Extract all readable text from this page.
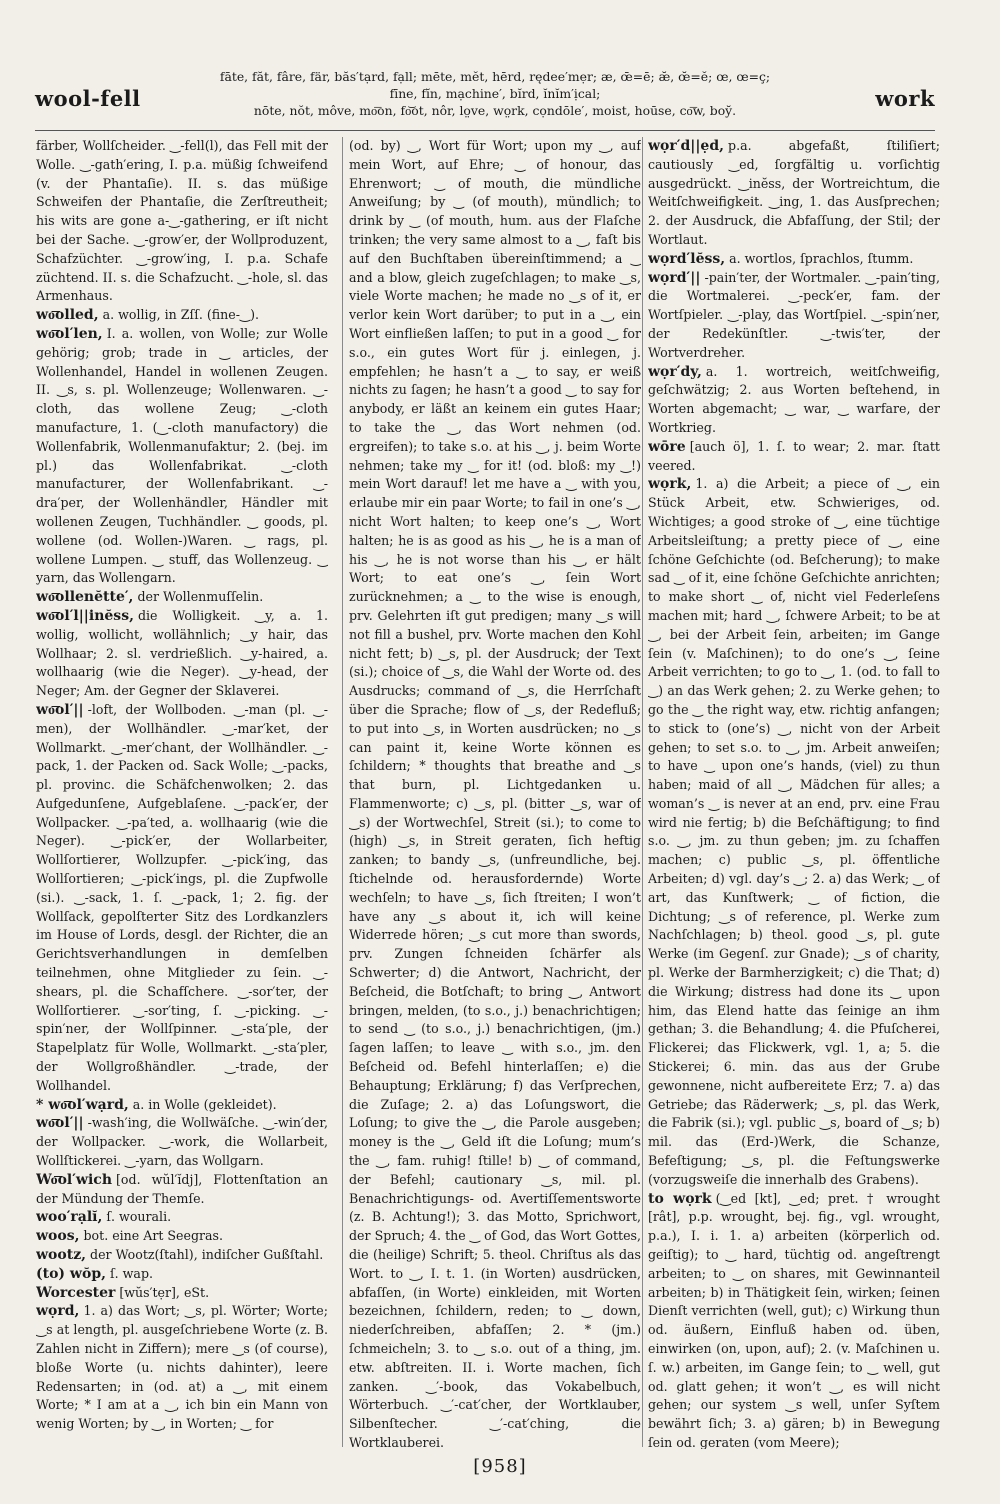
wool-fell
fāte, făt, fâre, fär, băs′tạrd, fạll; mēte, mĕt, hērd, rędee′mẹr; æ, œ̄=ē; æ̆, œ̆=ĕ; œ, œ=ç;
fīne, fĭn, mạchine′, bĭrd, ĭnĭm′ịcal;
nōte, nŏt, môve, mo͞on, fo͝ot, nôr, lo̤ve, wo̤rk, cọndōle′, moist, hoūse, co͞w, boy̆.	work

färber, Wollſcheider. ‿-fell(l), das Fell mit der Wolle. ‿-gath′ering, I. p.a. müßig ſchweifend (v. der Phantaſie). II. s. das müßige Schweifen der Phantaſie, die Zerſtreutheit; his wits are gone a-‿-gathering, er iſt nicht bei der Sache. ‿-grow′er, der Wollproduzent, Schafzüchter. ‿-grow′ing, I. p.a. Schafe züchtend. II. s. die Schafzucht. ‿-hole, sl. das Armenhaus.

wo͞olled, a. wollig, in Zſſ. (fine-‿).

wo͞ol′len, I. a. wollen, von Wolle; zur Wolle gehörig; grob; trade in ‿ articles, der Wollenhandel, Handel in wollenen Zeugen. II. ‿s, s. pl. Wollenzeuge; Wollenwaren. ‿-cloth, das wollene Zeug; ‿-cloth manufacture, 1. (‿-cloth manufactory) die Wollenfabrik, Wollenmanufaktur; 2. (bej. im pl.) das Wollenfabrikat. ‿-cloth manufacturer, der Wollenfabrikant. ‿-dra′per, der Wollenhändler, Händler mit wollenen Zeugen, Tuchhändler. ‿ goods, pl. wollene (od. Wollen-)Waren. ‿ rags, pl. wollene Lumpen. ‿ stuff, das Wollenzeug. ‿ yarn, das Wollengarn.

wo͞ollenĕtte′, der Wollenmuſſelin.

wo͞ol′l||inĕss, die Wolligkeit. ‿y, a. 1. wollig, wollicht, wollähnlich; ‿y hair, das Wollhaar; 2. sl. verdrießlich. ‿y-haired, a. wollhaarig (wie die Neger). ‿y-head, der Neger; Am. der Gegner der Sklaverei.

wo͞ol′|| -loft, der Wollboden. ‿-man (pl. ‿-men), der Wollhändler. ‿-mar′ket, der Wollmarkt. ‿-mer′chant, der Wollhändler. ‿-pack, 1. der Packen od. Sack Wolle; ‿-packs, pl. provinc. die Schäfchenwolken; 2. das Aufgedunſene, Aufgeblaſene. ‿-pack′er, der Wollpacker. ‿-pa′ted, a. wollhaarig (wie die Neger). ‿-pick′er, der Wollarbeiter, Wollſortierer, Wollzupfer. ‿-pick′ing, das Wollſortieren; ‿-pick′ings, pl. die Zupfwolle (si.). ‿-sack, 1. ſ. ‿-pack, 1; 2. fig. der Wollſack, gepolſterter Sitz des Lordkanzlers im House of Lords, desgl. der Richter, die an Gerichtsverhandlungen in demſelben teilnehmen, ohne Mitglieder zu ſein. ‿-shears, pl. die Schafſchere. ‿-sor′ter, der Wollſortierer. ‿-sor′ting, ſ. ‿-picking. ‿-spin′ner, der Wollſpinner. ‿-sta′ple, der Stapelplatz für Wolle, Wollmarkt. ‿-sta′pler, der Wollgroßhändler. ‿-trade, der Wollhandel.

* wo͞ol′wạrd, a. in Wolle (gekleidet).

wo͞ol′|| -wash′ing, die Wollwäſche. ‿-win′der, der Wollpacker. ‿-work, die Wollarbeit, Wollſtickerei. ‿-yarn, das Wollgarn.

Wo͞ol′wich [od. wŭl′ĭdj], Flottenſtation an der Mündung der Themſe.

woo′rạlĭ, ſ. wourali.

woos, bot. eine Art Seegras.

wootz, der Wootz(ſtahl), indiſcher Gußſtahl.

(to) wŏp, ſ. wap.

Worcester [wŭs′tẹr], eSt.

wọrd, 1. a) das Wort; ‿s, pl. Wörter; Worte; ‿s at length, pl. ausgeſchriebene Worte (z. B. Zahlen nicht in Ziffern); mere ‿s (of course), bloße Worte (u. nichts dahinter), leere Redensarten; in (od. at) a ‿, mit einem Worte; * I am at a ‿, ich bin ein Mann von wenig Worten; by ‿, in Worten; ‿ for

(od. by) ‿, Wort für Wort; upon my ‿, auf mein Wort, auf Ehre; ‿ of honour, das Ehrenwort; ‿ of mouth, die mündliche Anweiſung; by ‿ (of mouth), mündlich; to drink by ‿ (of mouth, hum. aus der Flaſche trinken; the very same almost to a ‿, faſt bis auf den Buchſtaben übereinſtimmend; a ‿ and a blow, gleich zugeſchlagen; to make ‿s, viele Worte machen; he made no ‿s of it, er verlor kein Wort darüber; to put in a ‿, ein Wort einfließen laſſen; to put in a good ‿ for s.o., ein gutes Wort für j. einlegen, j. empfehlen; he hasn’t a ‿ to say, er weiß nichts zu ſagen; he hasn’t a good ‿ to say for anybody, er läßt an keinem ein gutes Haar; to take the ‿, das Wort nehmen (od. ergreifen); to take s.o. at his ‿, j. beim Worte nehmen; take my ‿ for it! (od. bloß: my ‿!) mein Wort darauf! let me have a ‿ with you, erlaube mir ein paar Worte; to fail in one’s ‿, nicht Wort halten; to keep one’s ‿, Wort halten; he is as good as his ‿, he is a man of his ‿, he is not worse than his ‿, er hält Wort; to eat one’s ‿, ſein Wort zurücknehmen; a ‿ to the wise is enough, prv. Gelehrten iſt gut predigen; many ‿s will not fill a bushel, prv. Worte machen den Kohl nicht fett; b) ‿s, pl. der Ausdruck; der Text (si.); choice of ‿s, die Wahl der Worte od. des Ausdrucks; command of ‿s, die Herrſchaft über die Sprache; flow of ‿s, der Redefluß; to put into ‿s, in Worten ausdrücken; no ‿s can paint it, keine Worte können es ſchildern; * thoughts that breathe and ‿s that burn, pl. Lichtgedanken u. Flammenworte; c) ‿s, pl. (bitter ‿s, war of ‿s) der Wortwechſel, Streit (si.); to come to (high) ‿s, in Streit geraten, ſich heftig zanken; to bandy ‿s, (unfreundliche, bej. ſtichelnde od. herausfordernde) Worte wechſeln; to have ‿s, ſich ſtreiten; I won’t have any ‿s about it, ich will keine Widerrede hören; ‿s cut more than swords, prv. Zungen ſchneiden ſchärfer als Schwerter; d) die Antwort, Nachricht, der Beſcheid, die Botſchaft; to bring ‿, Antwort bringen, melden, (to s.o., j.) benachrichtigen; to send ‿ (to s.o., j.) benachrichtigen, (jm.) ſagen laſſen; to leave ‿ with s.o., jm. den Beſcheid od. Befehl hinterlaſſen; e) die Behauptung; Erklärung; f) das Verſprechen, die Zuſage; 2. a) das Loſungswort, die Loſung; to give the ‿, die Parole ausgeben; money is the ‿, Geld iſt die Loſung; mum’s the ‿, fam. ruhig! ſtille! b) ‿ of command, der Befehl; cautionary ‿s, mil. pl. Benachrichtigungs- od. Avertiſſementsworte (z. B. Achtung!); 3. das Motto, Sprichwort, der Spruch; 4. the ‿ of God, das Wort Gottes, die (heilige) Schrift; 5. theol. Chriſtus als das Wort. to ‿, I. t. 1. (in Worten) ausdrücken, abfaſſen, (in Worte) einkleiden, mit Worten bezeichnen, ſchildern, reden; to ‿ down, niederſchreiben, abfaſſen; 2. * (jm.) ſchmeicheln; 3. to ‿ s.o. out of a thing, jm. etw. abſtreiten. II. i. Worte machen, ſich zanken. ‿′-book, das Vokabelbuch, Wörterbuch. ‿′-cat′cher, der Wortklauber, Silbenſtecher. ‿′-cat′ching, die Wortklauberei.

wọr′d||ẹd, p.a. abgefaßt, ſtiliſiert; cautiously ‿ed, ſorgfältig u. vorſichtig ausgedrückt. ‿inĕss, der Wortreichtum, die Weitſchweifigkeit. ‿ing, 1. das Ausſprechen; 2. der Ausdruck, die Abfaſſung, der Stil; der Wortlaut.

wọrd′lĕss, a. wortlos, ſprachlos, ſtumm.

wọrd′|| -pain′ter, der Wortmaler. ‿-pain′ting, die Wortmalerei. ‿-peck′er, fam. der Wortſpieler. ‿-play, das Wortſpiel. ‿-spin′ner, der Redekünſtler. ‿-twis′ter, der Wortverdreher.

wọr′dy, a. 1. wortreich, weitſchweifig, geſchwätzig; 2. aus Worten beſtehend, in Worten abgemacht; ‿ war, ‿ warfare, der Wortkrieg.

wōre [auch ö], 1. ſ. to wear; 2. mar. ſtatt veered.

wọrk, 1. a) die Arbeit; a piece of ‿, ein Stück Arbeit, etw. Schwieriges, od. Wichtiges; a good stroke of ‿, eine tüchtige Arbeitsleiſtung; a pretty piece of ‿, eine ſchöne Geſchichte (od. Beſcherung); to make sad ‿ of it, eine ſchöne Geſchichte anrichten; to make short ‿ of, nicht viel Federleſens machen mit; hard ‿, ſchwere Arbeit; to be at ‿, bei der Arbeit ſein, arbeiten; im Gange ſein (v. Maſchinen); to do one’s ‿, ſeine Arbeit verrichten; to go to ‿, 1. (od. to fall to ‿) an das Werk gehen; 2. zu Werke gehen; to go the ‿ the right way, etw. richtig anfangen; to stick to (one’s) ‿, nicht von der Arbeit gehen; to set s.o. to ‿, jm. Arbeit anweiſen; to have ‿ upon one’s hands, (viel) zu thun haben; maid of all ‿, Mädchen für alles; a woman’s ‿ is never at an end, prv. eine Frau wird nie fertig; b) die Beſchäftigung; to find s.o. ‿, jm. zu thun geben; jm. zu ſchaffen machen; c) public ‿s, pl. öffentliche Arbeiten; d) vgl. day’s ‿; 2. a) das Werk; ‿ of art, das Kunſtwerk; ‿ of fiction, die Dichtung; ‿s of reference, pl. Werke zum Nachſchlagen; b) theol. good ‿s, pl. gute Werke (im Gegenſ. zur Gnade); ‿s of charity, pl. Werke der Barmherzigkeit; c) die That; d) die Wirkung; distress had done its ‿ upon him, das Elend hatte das ſeinige an ihm gethan; 3. die Behandlung; 4. die Pfuſcherei, Flickerei; das Flickwerk, vgl. 1, a; 5. die Stickerei; 6. min. das aus der Grube gewonnene, nicht aufbereitete Erz; 7. a) das Getriebe; das Räderwerk; ‿s, pl. das Werk, die Fabrik (si.); vgl. public ‿s, board of ‿s; b) mil. das (Erd-)Werk, die Schanze, Befeſtigung; ‿s, pl. die Feſtungswerke (vorzugsweiſe die innerhalb des Grabens).

to wọrk (‿ed [kt], ‿ed; pret. † wrought [rât], p.p. wrought, bej. fig., vgl. wrought, p.a.), I. i. 1. a) arbeiten (körperlich od. geiſtig); to ‿ hard, tüchtig od. angeſtrengt arbeiten; to ‿ on shares, mit Gewinnanteil arbeiten; b) in Thätigkeit ſein, wirken; ſeinen Dienſt verrichten (well, gut); c) Wirkung thun od. äußern, Einfluß haben od. üben, einwirken (on, upon, auf); 2. (v. Maſchinen u. ſ. w.) arbeiten, im Gange ſein; to ‿ well, gut od. glatt gehen; it won’t ‿, es will nicht gehen; our system ‿s well, unſer Syſtem bewährt ſich; 3. a) gären; b) in Bewegung ſein od. geraten (vom Meere);

[958]
